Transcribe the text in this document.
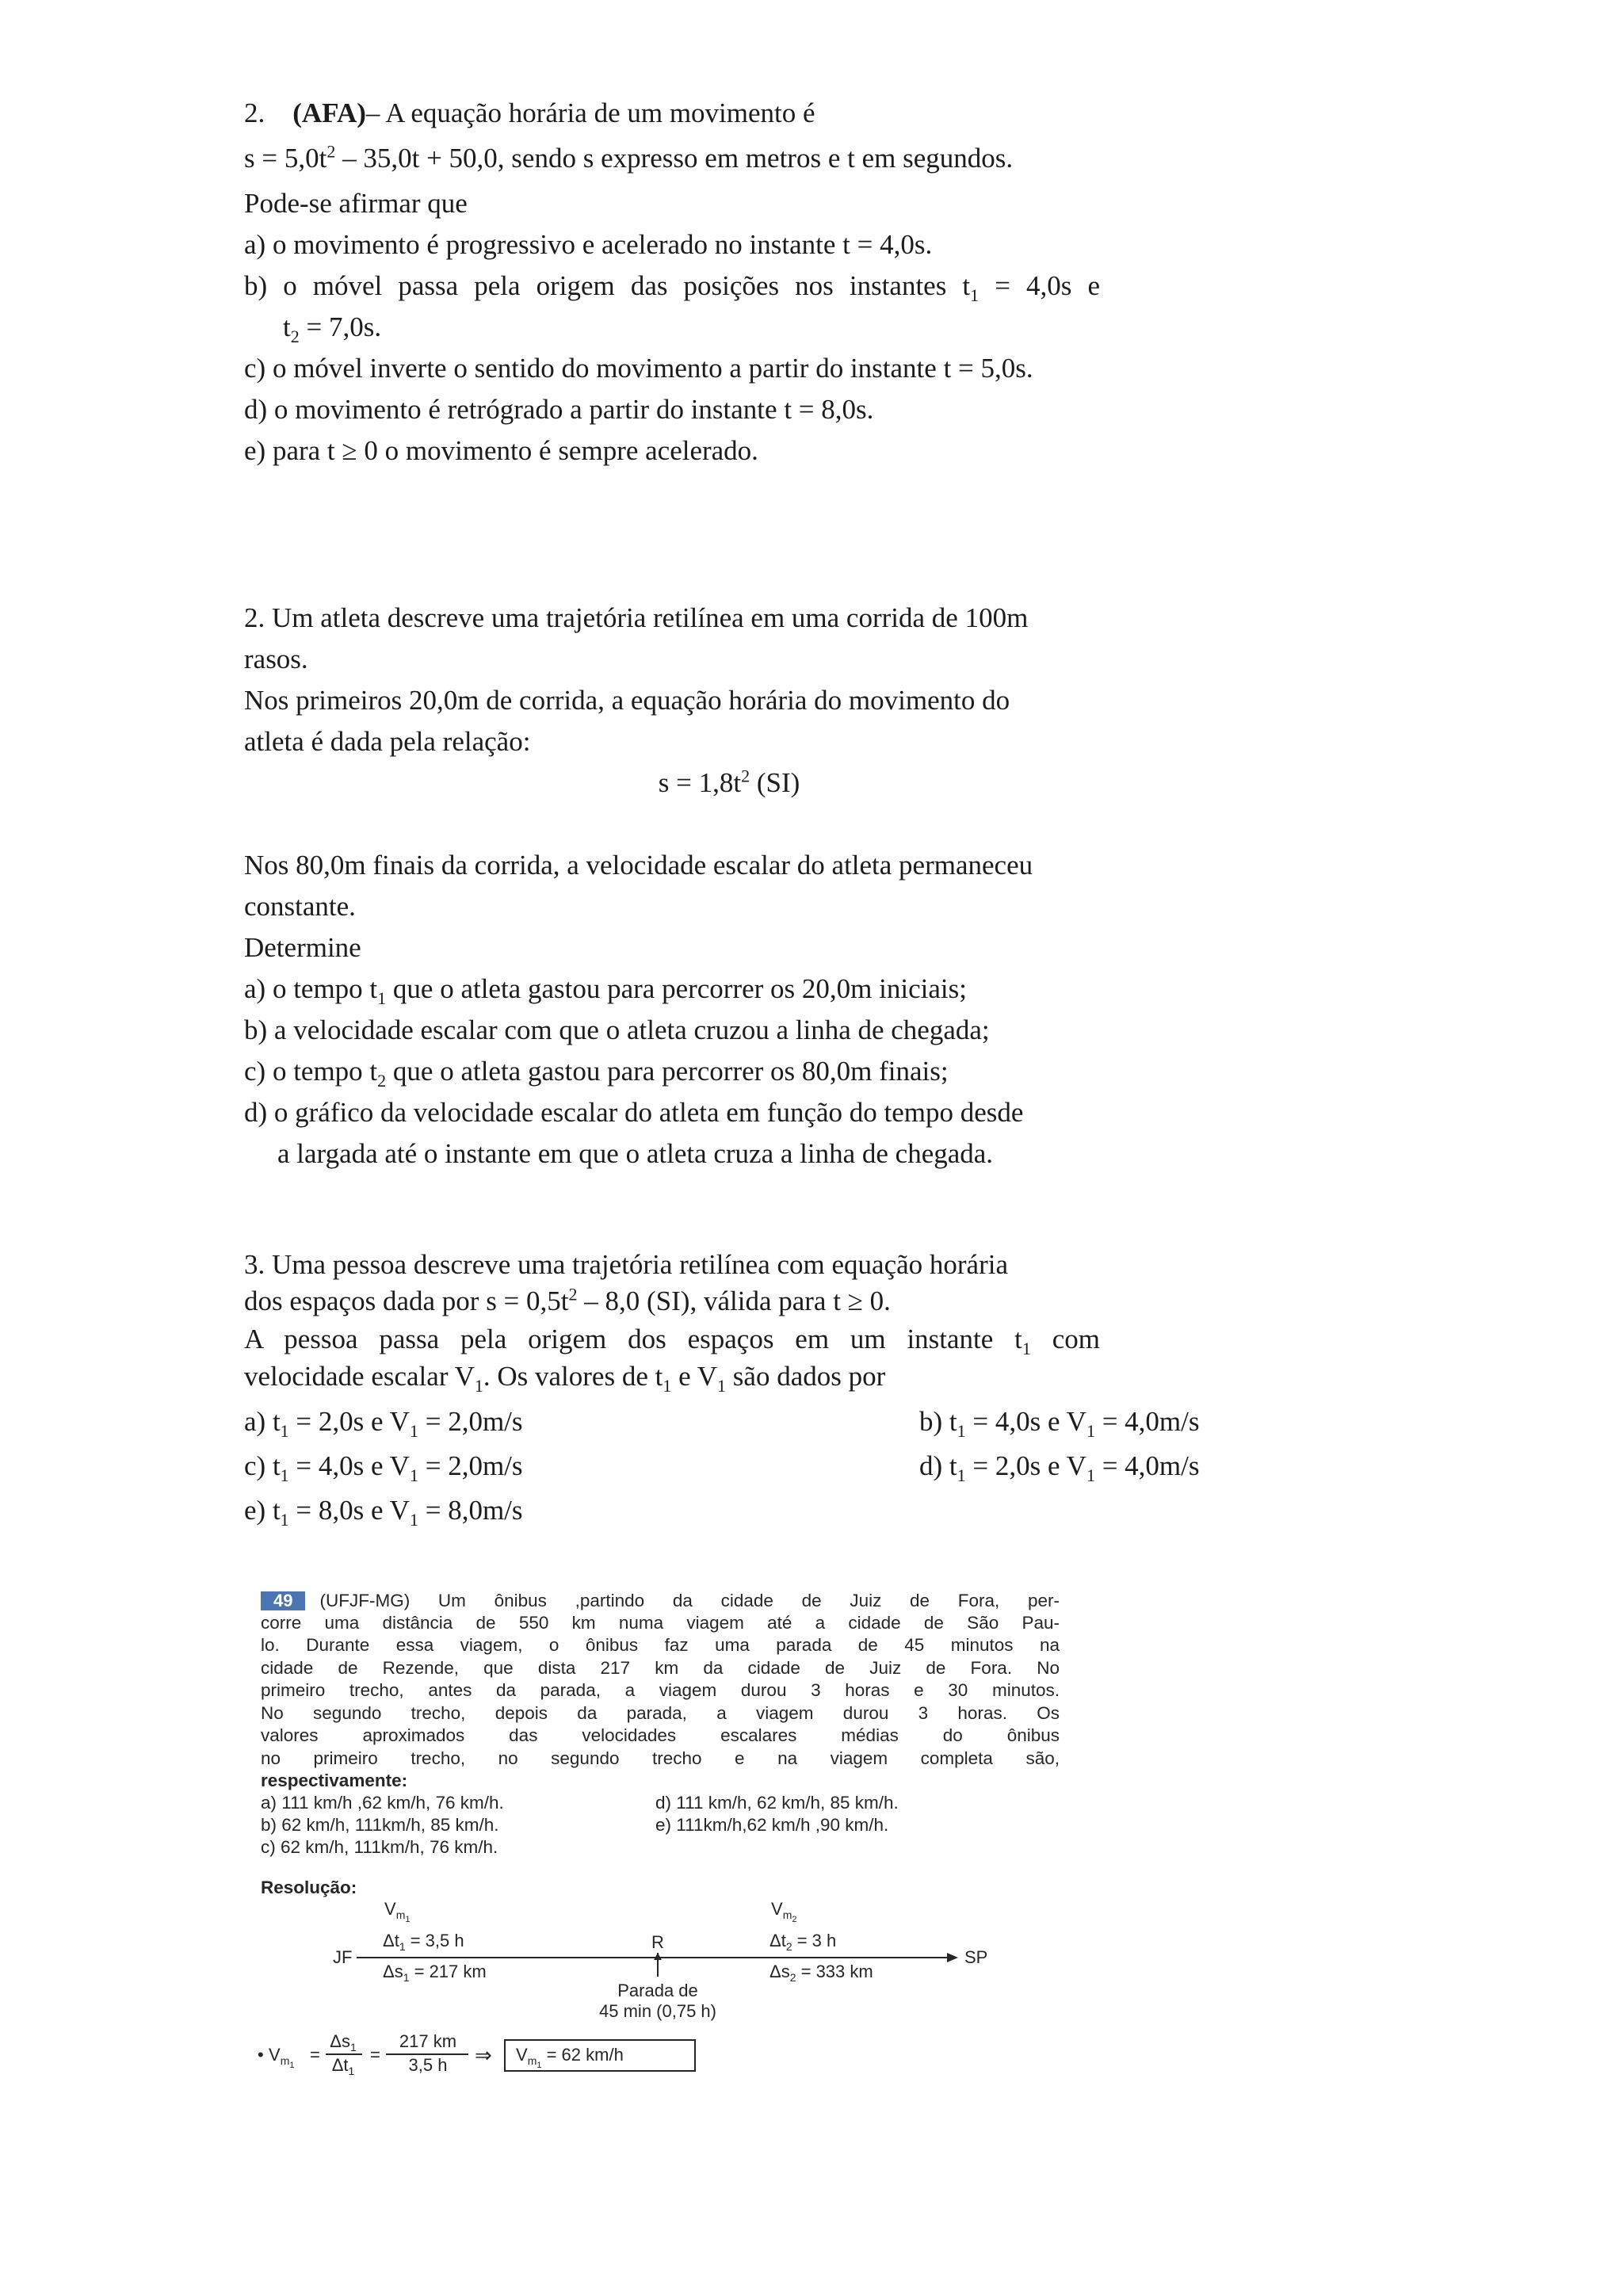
2. (AFA)– A equação horária de um movimento é
$s = 5,0t^2 - 35,0t + 50,0$, sendo s expresso em metros e t em segundos.
Pode-se afirmar que
a) o movimento é progressivo e acelerado no instante t = 4,0s.
b) o móvel passa pela origem das posições nos instantes $t_1 = 4,0s$ e
$t_2 = 7,0s$.
c) o móvel inverte o sentido do movimento a partir do instante t = 5,0s.
d) o movimento é retrógrado a partir do instante t = 8,0s.
e) para t ≥ 0 o movimento é sempre acelerado.
2. Um atleta descreve uma trajetória retilínea em uma corrida de 100m
rasos.
Nos primeiros 20,0m de corrida, a equação horária do movimento do
atleta é dada pela relação:
$s = 1,8t^2$ (SI)
Nos 80,0m finais da corrida, a velocidade escalar do atleta permaneceu
constante.
Determine
a) o tempo $t_1$ que o atleta gastou para percorrer os 20,0m iniciais;
b) a velocidade escalar com que o atleta cruzou a linha de chegada;
c) o tempo $t_2$ que o atleta gastou para percorrer os 80,0m finais;
d) o gráfico da velocidade escalar do atleta em função do tempo desde
a largada até o instante em que o atleta cruza a linha de chegada.
3. Uma pessoa descreve uma trajetória retilínea com equação horária
dos espaços dada por $s = 0,5t^2 - 8,0$ (SI), válida para t ≥ 0.
A pessoa passa pela origem dos espaços em um instante $t_1$ com
velocidade escalar $V_1$. Os valores de $t_1$ e $V_1$ são dados por
a) $t_1 = 2,0s$ e $V_1 = 2,0m/s$	b) $t_1 = 4,0s$ e $V_1 = 4,0m/s$
c) $t_1 = 4,0s$ e $V_1 = 2,0m/s$	d) $t_1 = 2,0s$ e $V_1 = 4,0m/s$
e) $t_1 = 8,0s$ e $V_1 = 8,0m/s$
49 (UFJF-MG) Um ônibus ,partindo da cidade de Juiz de Fora, per-
corre uma distância de 550 km numa viagem até a cidade de São Pau-
lo. Durante essa viagem, o ônibus faz uma parada de 45 minutos na
cidade de Rezende, que dista 217 km da cidade de Juiz de Fora. No
primeiro trecho, antes da parada, a viagem durou 3 horas e 30 minutos.
No segundo trecho, depois da parada, a viagem durou 3 horas. Os
valores aproximados das velocidades escalares médias do ônibus
no primeiro trecho, no segundo trecho e na viagem completa são,
respectivamente:
a) 111 km/h ,62 km/h, 76 km/h.	d) 111 km/h, 62 km/h, 85 km/h.
b) 62 km/h, 111km/h, 85 km/h.	e) 111km/h,62 km/h ,90 km/h.
c) 62 km/h, 111km/h, 76 km/h.
Resolução:
JF	SP
R
$V_m1$
$\Delta t_1 = 3,5$ h
$\Delta s_1 = 217$ km
$V_m2$
$\Delta t_2 = 3$ h
$\Delta s_2 = 333$ km
Parada de
45 min (0,75 h)
• $V_m1$
=
$\Delta s_1$
$\Delta t_1$
=
217 km
3,5 h ⇒ $V_m1 = 62$ km/h
